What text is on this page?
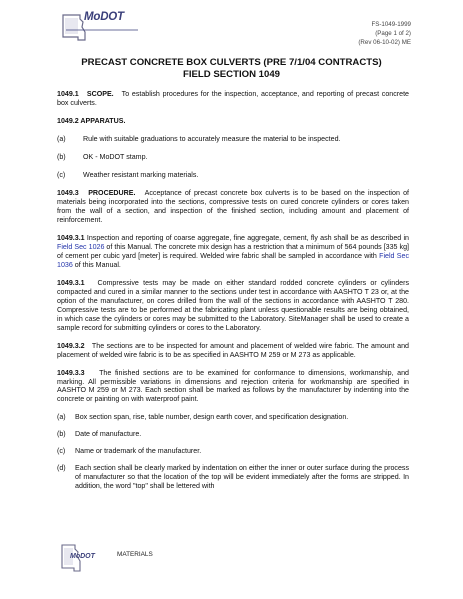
MoDOT
FS-1049-1999
(Page 1 of 2)
(Rev 06-10-02) ME
PRECAST CONCRETE BOX CULVERTS (PRE 7/1/04 CONTRACTS)
FIELD SECTION 1049

1049.1 SCOPE. To establish procedures for the inspection, acceptance, and reporting of precast concrete box culverts.

1049.2 APPARATUS.
(a)	Rule with suitable graduations to accurately measure the material to be inspected.
(b)	OK - MoDOT stamp.
(c)	Weather resistant marking materials.

1049.3 PROCEDURE. Acceptance of precast concrete box culverts is to be based on the inspection of materials being incorporated into the sections, compressive tests on cured concrete cylinders or cores taken from the wall of a section, and inspection of the finished section, including amount and placement of reinforcement.

1049.3.1 Inspection and reporting of coarse aggregate, fine aggregate, cement, fly ash shall be as described in Field Sec 1026 of this Manual. The concrete mix design has a restriction that a minimum of 564 pounds [335 kg] of cement per cubic yard [meter] is required. Welded wire fabric shall be sampled in accordance with Field Sec 1036 of this Manual.

1049.3.1 Compressive tests may be made on either standard rodded concrete cylinders or cylinders compacted and cured in a similar manner to the sections under test in accordance with AASHTO T 23 or, at the option of the manufacturer, on cores drilled from the wall of the sections in accordance with AASHTO T 280. Compressive tests are to be performed at the fabricating plant unless questionable results are being obtained, in which case the cylinders or cores may be submitted to the Laboratory. SiteManager shall be used to create a sample record for submitting cylinders or cores to the Laboratory.

1049.3.2 The sections are to be inspected for amount and placement of welded wire fabric. The amount and placement of welded wire fabric is to be as specified in AASHTO M 259 or M 273 as applicable.

1049.3.3 The finished sections are to be examined for conformance to dimensions, workmanship, and marking. All permissible variations in dimensions and rejection criteria for workmanship are specified in AASHTO M 259 or M 273. Each section shall be marked as follows by the manufacturer by indenting into the concrete or painting on with waterproof paint.

(a)	Box section span, rise, table number, design earth cover, and specification designation.
(b)	Date of manufacture.
(c)	Name or trademark of the manufacturer.
(d)	Each section shall be clearly marked by indentation on either the inner or outer surface during the process of manufacturer so that the location of the top will be evident immediately after the forms are stripped. In addition, the word "top" shall be lettered with
MoDOT	MATERIALS
